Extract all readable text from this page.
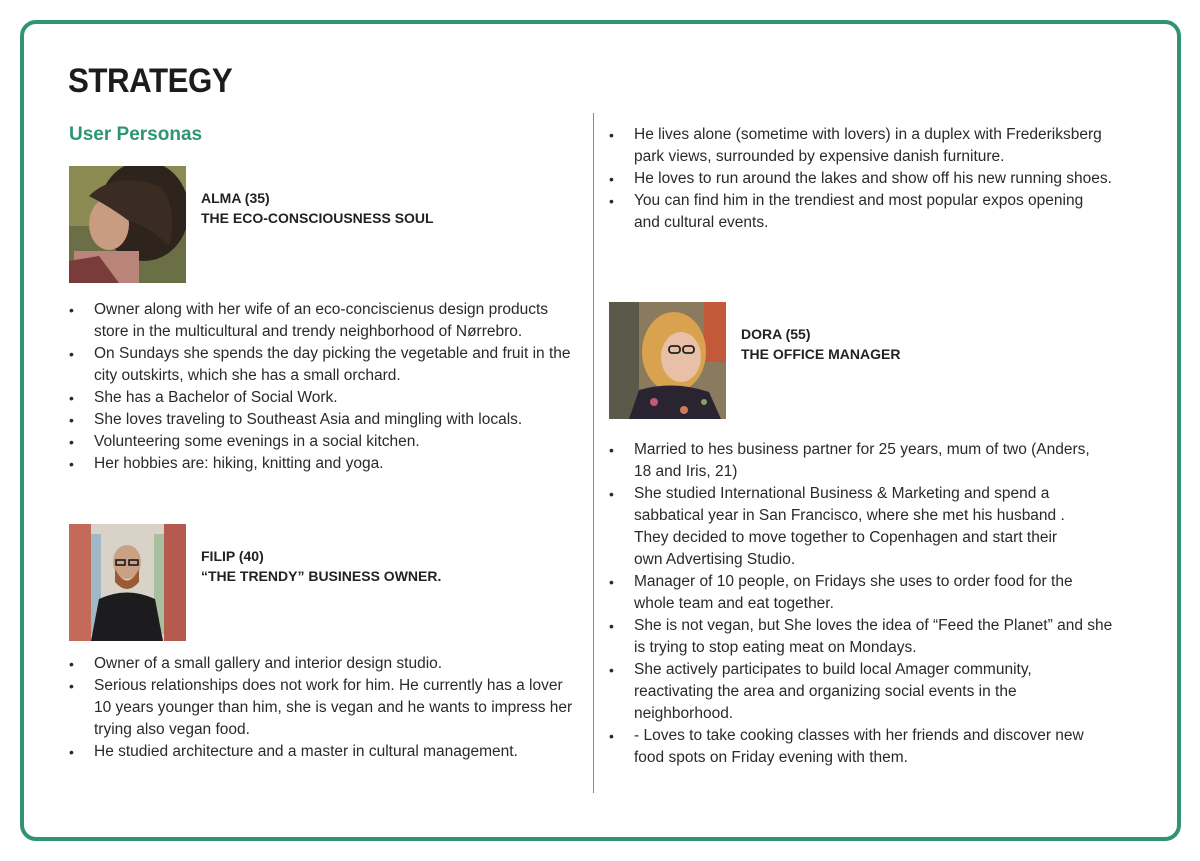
STRATEGY
User Personas
ALMA (35)
THE ECO-CONSCIOUSNESS SOUL
• Owner along with her wife of an eco-conciscienus design products
store in the multicultural and trendy neighborhood of Nørrebro.
• On Sundays she spends the day picking the vegetable and fruit in the
city outskirts, which she has a small orchard.
• She has a Bachelor of Social Work.
• She loves traveling to Southeast Asia and mingling with locals.
• Volunteering some evenings in a social kitchen.
• Her hobbies are: hiking, knitting and yoga.
FILIP (40)
“THE TRENDY” BUSINESS OWNER.
• Owner of a small gallery and interior design studio.
• Serious relationships does not work for him. He currently has a lover
10 years younger than him, she is vegan and he wants to impress her
trying also vegan food.
• He studied architecture and a master in cultural management.
• He lives alone (sometime with lovers) in a duplex with Frederiksberg
park views, surrounded by expensive danish furniture.
• He loves to run around the lakes and show off his new running shoes.
• You can find him in the trendiest and most popular expos opening
and cultural events.
DORA (55)
THE OFFICE MANAGER
• Married to hes business partner for 25 years, mum of two (Anders,
18 and Iris, 21)
• She studied International Business & Marketing and spend a
sabbatical year in San Francisco, where she met his husband .
They decided to move together to Copenhagen and start their
own Advertising Studio.
• Manager of 10 people, on Fridays she uses to order food for the
whole team and eat together.
• She is not vegan, but She loves the idea of “Feed the Planet” and she
is trying to stop eating meat on Mondays.
• She actively participates to build local Amager community,
reactivating the area and organizing social events in the
neighborhood.
• - Loves to take cooking classes with her friends and discover new
food spots on Friday evening with them.
